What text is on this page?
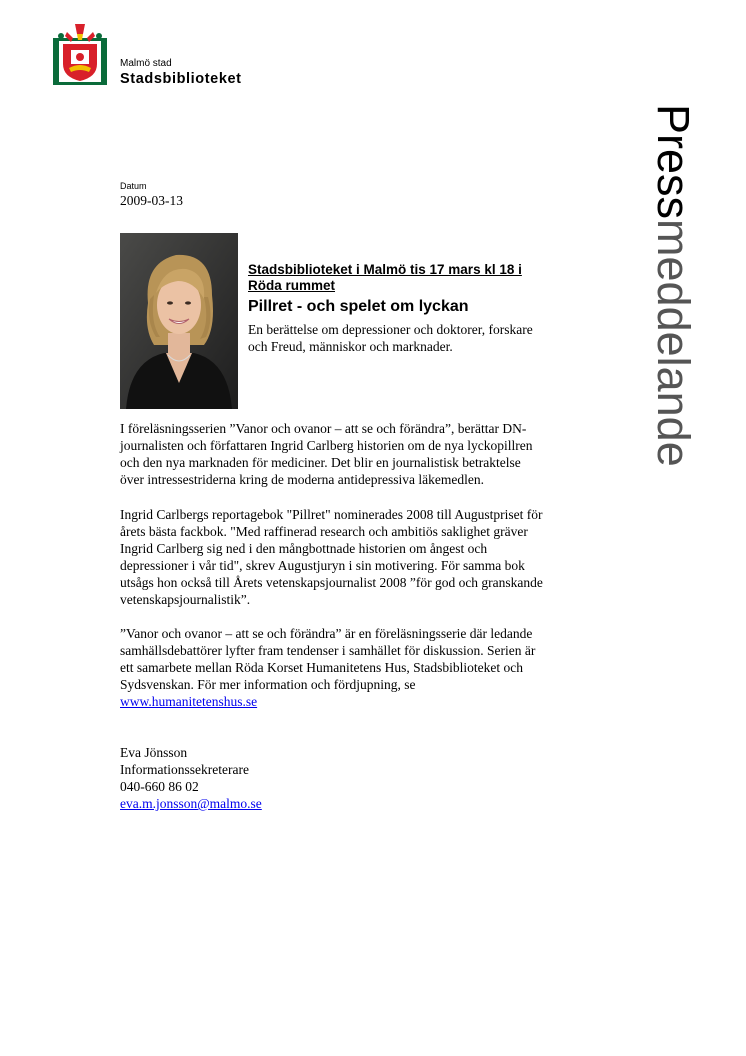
Malmö stad
Stadsbiblioteket
Pressmeddelande
Datum
2009-03-13
Stadsbiblioteket i Malmö tis 17 mars kl 18 i
Röda rummet
Pillret - och spelet om lyckan
En berättelse om depressioner och doktorer, forskare
och Freud, människor och marknader.
I föreläsningsserien ”Vanor och ovanor – att se och förändra”, berättar DN-
journalisten och författaren Ingrid Carlberg historien om de nya lyckopillren
och den nya marknaden för mediciner. Det blir en journalistisk betraktelse
över intressestriderna kring de moderna antidepressiva läkemedlen.
Ingrid Carlbergs reportagebok "Pillret" nominerades 2008 till Augustpriset för
årets bästa fackbok. "Med raffinerad research och ambitiös saklighet gräver
Ingrid Carlberg sig ned i den mångbottnade historien om ångest och
depressioner i vår tid", skrev Augustjuryn i sin motivering. För samma bok
utsågs hon också till Årets vetenskapsjournalist 2008 ”för god och granskande
vetenskapsjournalistik”.
”Vanor och ovanor – att se och förändra” är en föreläsningsserie där ledande
samhällsdebattörer lyfter fram tendenser i samhället för diskussion. Serien är
ett samarbete mellan Röda Korset Humanitetens Hus, Stadsbiblioteket och
Sydsvenskan. För mer information och fördjupning, se
www.humanitetenshus.se
Eva Jönsson
Informationssekreterare
040-660 86 02
eva.m.jonsson@malmo.se
